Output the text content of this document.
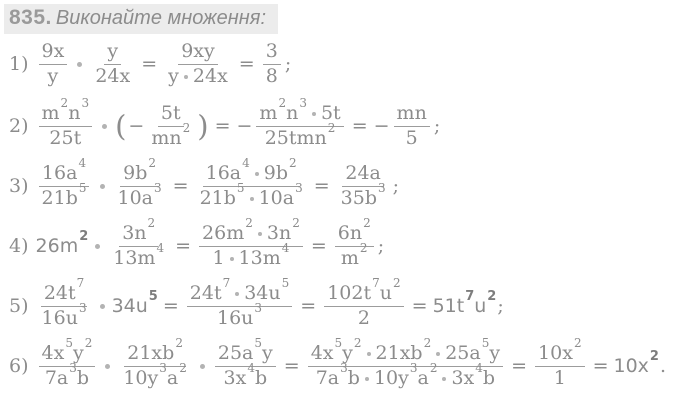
835. Виконайте множення:
$1) \frac{9x}{y} \frac{y}{24x} = \frac{9xy}{y 24x} = \frac{3}{8}$ ;
$2) \frac{m^2n^3}{25t}$ ( − $\frac{5t}{mn^2}$ ) = − $\frac{m^2n^3 5t}{25tmn^2}$ = − $\frac{mn}{5}$ ;
$3) \frac{16a^4}{21b^5} \frac{9b^2}{10a^3} = \frac{16a^4 9b^2}{21b^5 10a^3} = \frac{24a}{35b^3}$ ;
4) $26m^2 \frac{3n^2}{13m^4} = \frac{26m^2 3n^2}{1 13m^4} = \frac{6n^2}{m^2}$ ;
$5) \frac{24t^7}{16u^3} 34u^5 = \frac{24t^7 34u^5}{16u^3} = \frac{102t^7u^2}{2} = 51t^7u^2$ ;
$6) \frac{4x^5y^2}{7a^3b} \frac{21xb^2}{10y^3a^2} \frac{25a^5y}{3x^4b} = \frac{4x^5y^2 21xb^2 25a^5y}{7a^3b 10y^3a^2 3x^4b} = \frac{10x^2}{1} = 10x^2$ .
